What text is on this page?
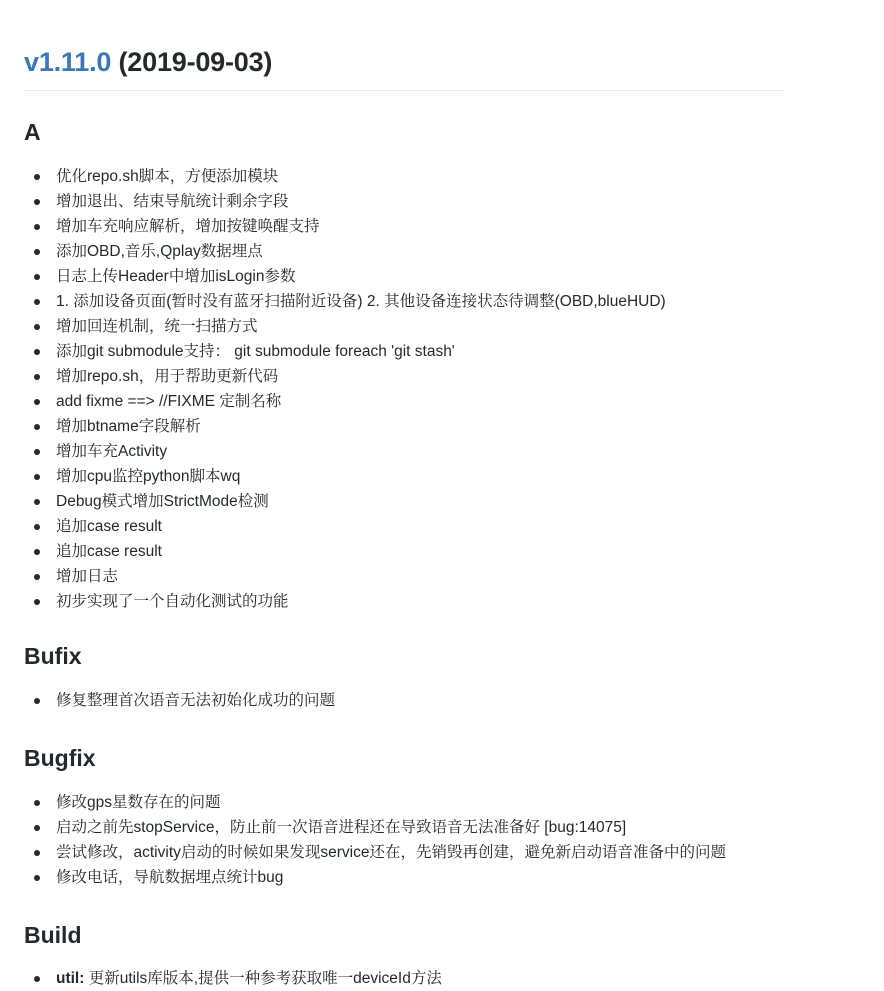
v1.11.0 (2019-09-03)
A
优化repo.sh脚本，方便添加模块
增加退出、结束导航统计剩余字段
增加车充响应解析，增加按键唤醒支持
添加OBD,音乐,Qplay数据埋点
日志上传Header中增加isLogin参数
1. 添加设备页面(暂时没有蓝牙扫描附近设备) 2. 其他设备连接状态待调整(OBD,blueHUD)
增加回连机制，统一扫描方式
添加git submodule支持： git submodule foreach 'git stash'
增加repo.sh，用于帮助更新代码
add fixme ==> //FIXME 定制名称
增加btname字段解析
增加车充Activity
增加cpu监控python脚本wq
Debug模式增加StrictMode检测
追加case result
追加case result
增加日志
初步实现了一个自动化测试的功能
Bufix
修复整理首次语音无法初始化成功的问题
Bugfix
修改gps星数存在的问题
启动之前先stopService，防止前一次语音进程还在导致语音无法准备好 [bug:14075]
尝试修改，activity启动的时候如果发现service还在，先销毁再创建，避免新启动语音准备中的问题
修改电话，导航数据埋点统计bug
Build
util: 更新utils库版本,提供一种参考获取唯一deviceId方法
